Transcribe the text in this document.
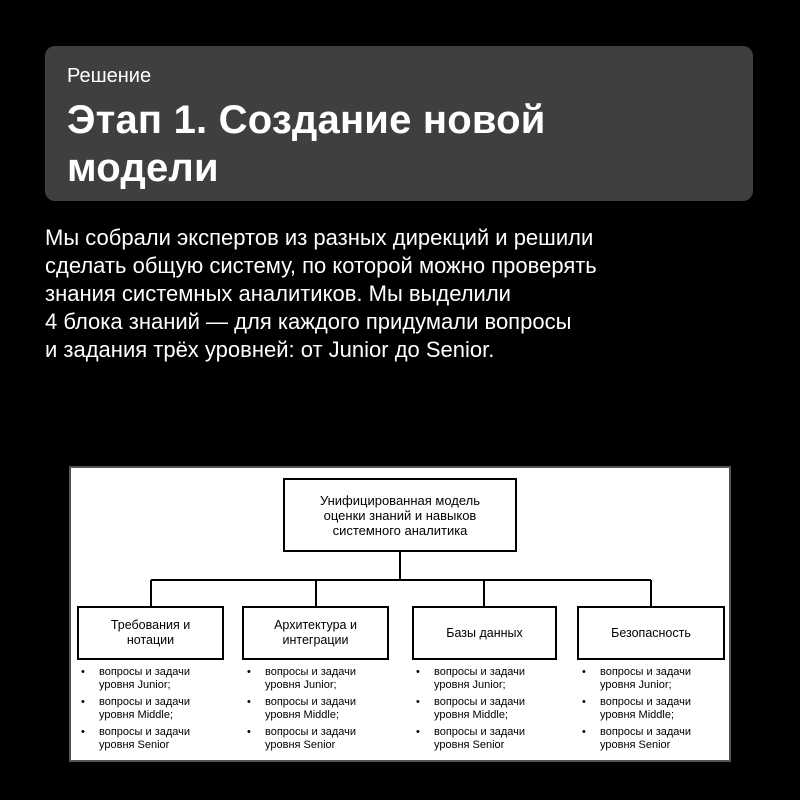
Решение

Этап 1. Создание новой модели

Мы собрали экспертов из разных дирекций и решили
сделать общую систему, по которой можно проверять
знания системных аналитиков. Мы выделили
4 блока знаний — для каждого придумали вопросы
и задания трёх уровней: от Junior до Senior.

Унифицированная модель
оценки знаний и навыков
системного аналитика
Требования и
нотации
Архитектура и
интеграции
Базы данных	Безопасность
• вопросы и задачи
уровня Junior;
• вопросы и задачи
уровня Middle;
• вопросы и задачи
уровня Senior
• вопросы и задачи
уровня Junior;
• вопросы и задачи
уровня Middle;
• вопросы и задачи
уровня Senior
• вопросы и задачи
уровня Junior;
• вопросы и задачи
уровня Middle;
• вопросы и задачи
уровня Senior
• вопросы и задачи
уровня Junior;
• вопросы и задачи
уровня Middle;
• вопросы и задачи
уровня Senior
